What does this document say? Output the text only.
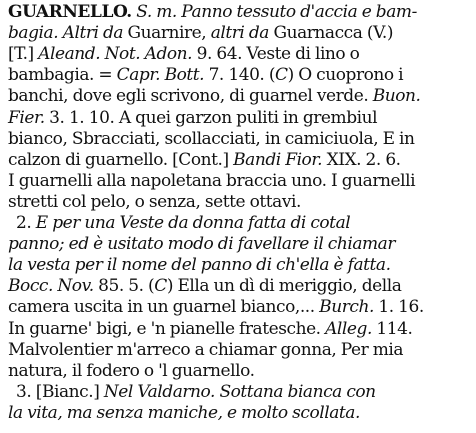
GUARNELLO. S. m. Panno tessuto d'accia e bam-
bagia. Altri da Guarnire, altri da Guarnacca (V.)
[T.] Aleand. Not. Adon. 9. 64. Veste di lino o
bambagia. = Capr. Bott. 7. 140. (C) O cuoprono i
banchi, dove egli scrivono, di guarnel verde. Buon.
Fier. 3. 1. 10. A quei garzon puliti in grembiul
bianco, Sbracciati, scollacciati, in camiciuola, E in
calzon di guarnello. [Cont.] Bandi Fior. XIX. 2. 6.
I guarnelli alla napoletana braccia uno. I guarnelli
stretti col pelo, o senza, sette ottavi.
2. E per una Veste da donna fatta di cotal
panno; ed è usitato modo di favellare il chiamar
la vesta per il nome del panno di ch'ella è fatta.
Bocc. Nov. 85. 5. (C) Ella un dì di meriggio, della
camera uscita in un guarnel bianco,... Burch. 1. 16.
In guarne' bigi, e 'n pianelle fratesche. Alleg. 114.
Malvolentier m'arreco a chiamar gonna, Per mia
natura, il fodero o 'l guarnello.
3. [Bianc.] Nel Valdarno. Sottana bianca con
la vita, ma senza maniche, e molto scollata.
